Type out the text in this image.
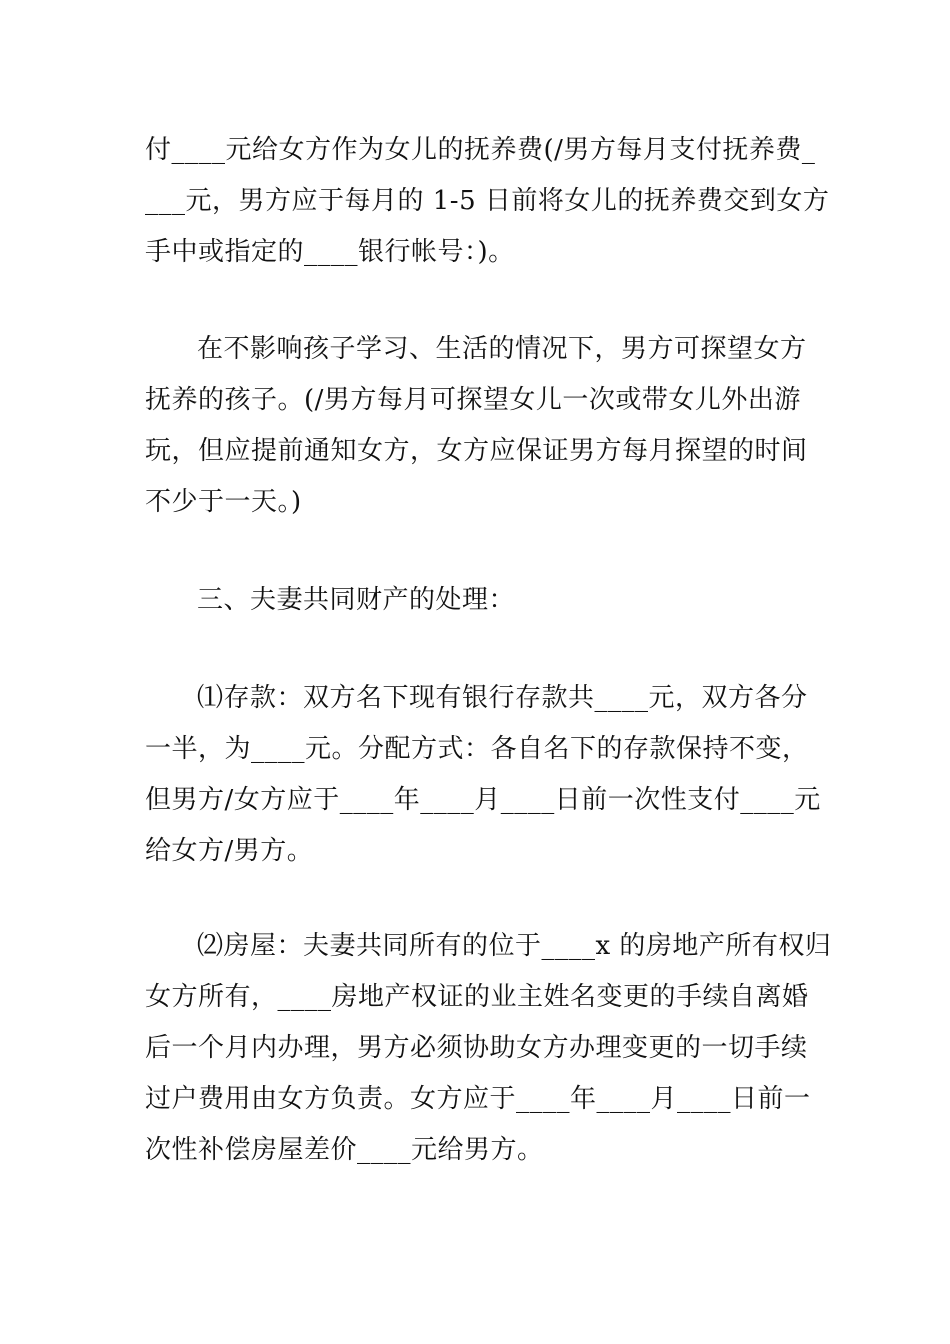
付____元给女方作为女儿的抚养费(/男方每月支付抚养费_
___元，男方应于每月的 1-5 日前将女儿的抚养费交到女方
手中或指定的____银行帐号：)。
在不影响孩子学习、生活的情况下，男方可探望女方
抚养的孩子。(/男方每月可探望女儿一次或带女儿外出游
玩，但应提前通知女方，女方应保证男方每月探望的时间
不少于一天。)
三、夫妻共同财产的处理：
⑴存款：双方名下现有银行存款共____元，双方各分
一半，为____元。分配方式：各自名下的存款保持不变，
但男方/女方应于____年____月____日前一次性支付____元
给女方/男方。
⑵房屋：夫妻共同所有的位于____x 的房地产所有权归
女方所有，____房地产权证的业主姓名变更的手续自离婚
后一个月内办理，男方必须协助女方办理变更的一切手续
过户费用由女方负责。女方应于____年____月____日前一
次性补偿房屋差价____元给男方。
